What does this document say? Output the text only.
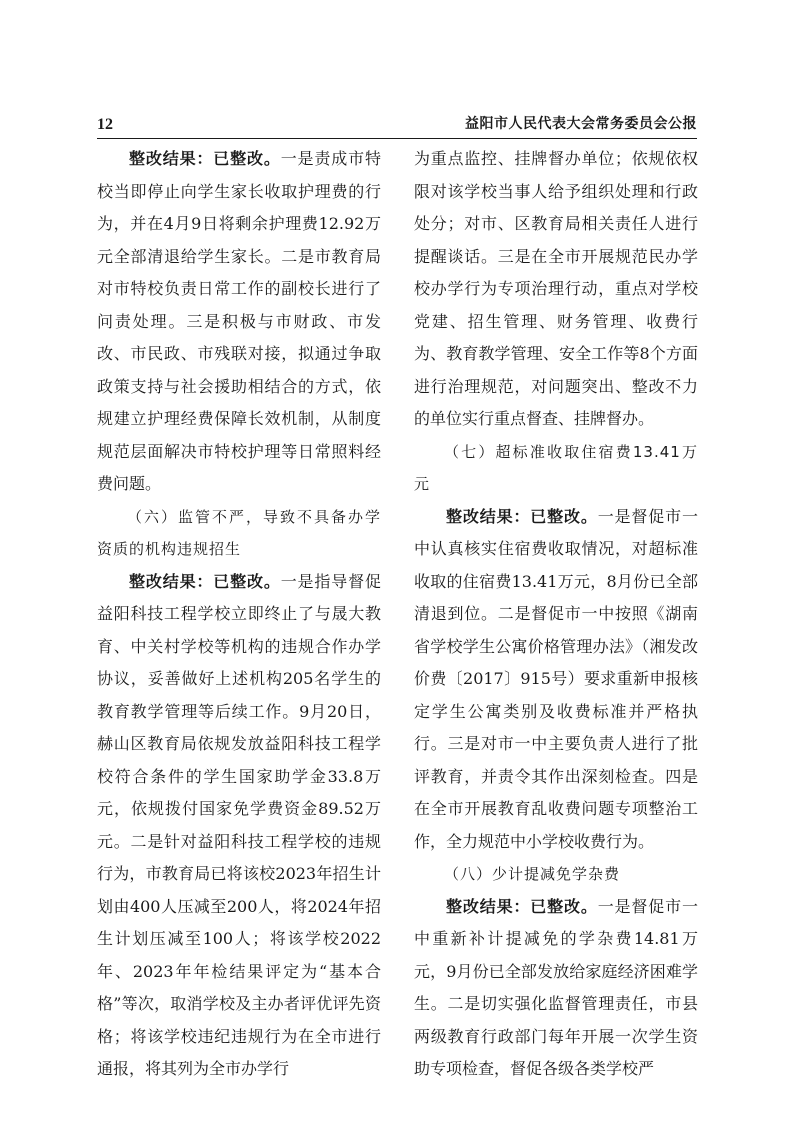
12	益阳市人民代表大会常务委员会公报

整改结果：已整改。一是责成市特校当即停止向学生家长收取护理费的行为，并在4月9日将剩余护理费12.92万元全部清退给学生家长。二是市教育局对市特校负责日常工作的副校长进行了问责处理。三是积极与市财政、市发改、市民政、市残联对接，拟通过争取政策支持与社会援助相结合的方式，依规建立护理经费保障长效机制，从制度规范层面解决市特校护理等日常照料经费问题。

（六）监管不严，导致不具备办学资质的机构违规招生

整改结果：已整改。一是指导督促益阳科技工程学校立即终止了与晟大教育、中关村学校等机构的违规合作办学协议，妥善做好上述机构205名学生的教育教学管理等后续工作。9月20日，赫山区教育局依规发放益阳科技工程学校符合条件的学生国家助学金33.8万元，依规拨付国家免学费资金89.52万元。二是针对益阳科技工程学校的违规行为，市教育局已将该校2023年招生计划由400人压减至200人，将2024年招生计划压减至100人；将该学校2022年、2023年年检结果评定为“基本合格”等次，取消学校及主办者评优评先资格；将该学校违纪违规行为在全市进行通报，将其列为全市办学行

为重点监控、挂牌督办单位；依规依权限对该学校当事人给予组织处理和行政处分；对市、区教育局相关责任人进行提醒谈话。三是在全市开展规范民办学校办学行为专项治理行动，重点对学校党建、招生管理、财务管理、收费行为、教育教学管理、安全工作等8个方面进行治理规范，对问题突出、整改不力的单位实行重点督查、挂牌督办。

（七）超标准收取住宿费13.41万元

整改结果：已整改。一是督促市一中认真核实住宿费收取情况，对超标准收取的住宿费13.41万元，8月份已全部清退到位。二是督促市一中按照《湖南省学校学生公寓价格管理办法》（湘发改价费〔2017〕915号）要求重新申报核定学生公寓类别及收费标准并严格执行。三是对市一中主要负责人进行了批评教育，并责令其作出深刻检查。四是在全市开展教育乱收费问题专项整治工作，全力规范中小学校收费行为。

（八）少计提减免学杂费

整改结果：已整改。一是督促市一中重新补计提减免的学杂费14.81万元，9月份已全部发放给家庭经济困难学生。二是切实强化监督管理责任，市县两级教育行政部门每年开展一次学生资助专项检查，督促各级各类学校严
